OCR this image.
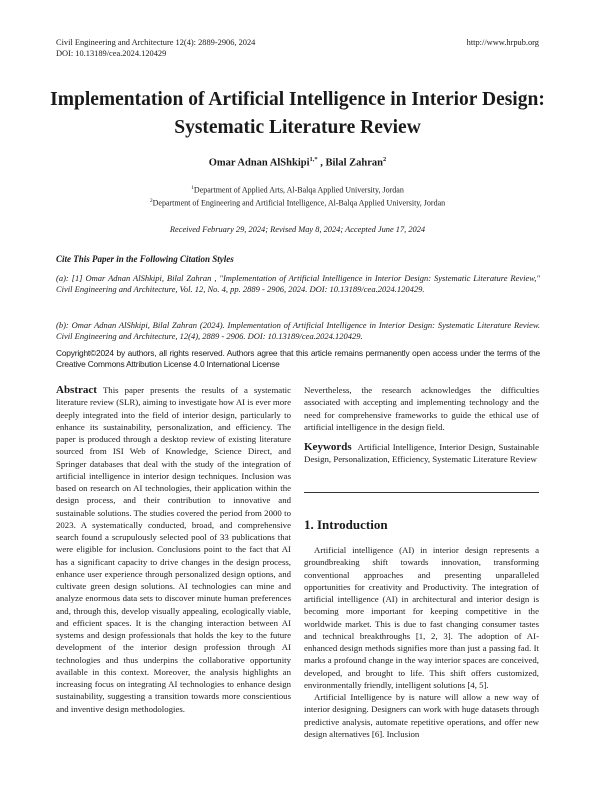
Civil Engineering and Architecture 12(4): 2889-2906, 2024	http://www.hrpub.org
DOI: 10.13189/cea.2024.120429
Implementation of Artificial Intelligence in Interior Design: Systematic Literature Review
Omar Adnan AlShkipi$^{1,*}$ , Bilal Zahran$^2$
$^1$Department of Applied Arts, Al-Balqa Applied University, Jordan
$^2$Department of Engineering and Artificial Intelligence, Al-Balqa Applied University, Jordan
Received February 29, 2024; Revised May 8, 2024; Accepted June 17, 2024
Cite This Paper in the Following Citation Styles
(a): [1] Omar Adnan AlShkipi, Bilal Zahran , "Implementation of Artificial Intelligence in Interior Design: Systematic Literature Review," Civil Engineering and Architecture, Vol. 12, No. 4, pp. 2889 - 2906, 2024. DOI: 10.13189/cea.2024.120429.
(b): Omar Adnan AlShkipi, Bilal Zahran (2024). Implementation of Artificial Intelligence in Interior Design: Systematic Literature Review. Civil Engineering and Architecture, 12(4), 2889 - 2906. DOI: 10.13189/cea.2024.120429.
Copyright©2024 by authors, all rights reserved. Authors agree that this article remains permanently open access under the terms of the Creative Commons Attribution License 4.0 International License
Abstract This paper presents the results of a systematic literature review (SLR), aiming to investigate how AI is ever more deeply integrated into the field of interior design, particularly to enhance its sustainability, personalization, and efficiency. The paper is produced through a desktop review of existing literature sourced from ISI Web of Knowledge, Science Direct, and Springer databases that deal with the study of the integration of artificial intelligence in interior design techniques. Inclusion was based on research on AI technologies, their application within the design process, and their contribution to innovative and sustainable solutions. The studies covered the period from 2000 to 2023. A systematically conducted, broad, and comprehensive search found a scrupulously selected pool of 33 publications that were eligible for inclusion. Conclusions point to the fact that AI has a significant capacity to drive changes in the design process, enhance user experience through personalized design options, and cultivate green design solutions. AI technologies can mine and analyze enormous data sets to discover minute human preferences and, through this, develop visually appealing, ecologically viable, and efficient spaces. It is the changing interaction between AI systems and design professionals that holds the key to the future development of the interior design profession through AI technologies and thus underpins the collaborative opportunity available in this context. Moreover, the analysis highlights an increasing focus on integrating AI technologies to enhance design sustainability, suggesting a transition towards more conscientious and inventive design methodologies.
Nevertheless, the research acknowledges the difficulties associated with accepting and implementing technology and the need for comprehensive frameworks to guide the ethical use of artificial intelligence in the design field.
Keywords Artificial Intelligence, Interior Design, Sustainable Design, Personalization, Efficiency, Systematic Literature Review
1. Introduction

Artificial intelligence (AI) in interior design represents a groundbreaking shift towards innovation, transforming conventional approaches and presenting unparalleled opportunities for creativity and Productivity. The integration of artificial intelligence (AI) in architectural and interior design is becoming more important for keeping competitive in the worldwide market. This is due to fast changing consumer tastes and technical breakthroughs [1, 2, 3]. The adoption of AI-enhanced design methods signifies more than just a passing fad. It marks a profound change in the way interior spaces are conceived, developed, and brought to life. This shift offers customized, environmentally friendly, intelligent solutions [4, 5].

Artificial Intelligence by is nature will allow a new way of interior designing. Designers can work with huge datasets through predictive analysis, automate repetitive operations, and offer new design alternatives [6]. Inclusion
